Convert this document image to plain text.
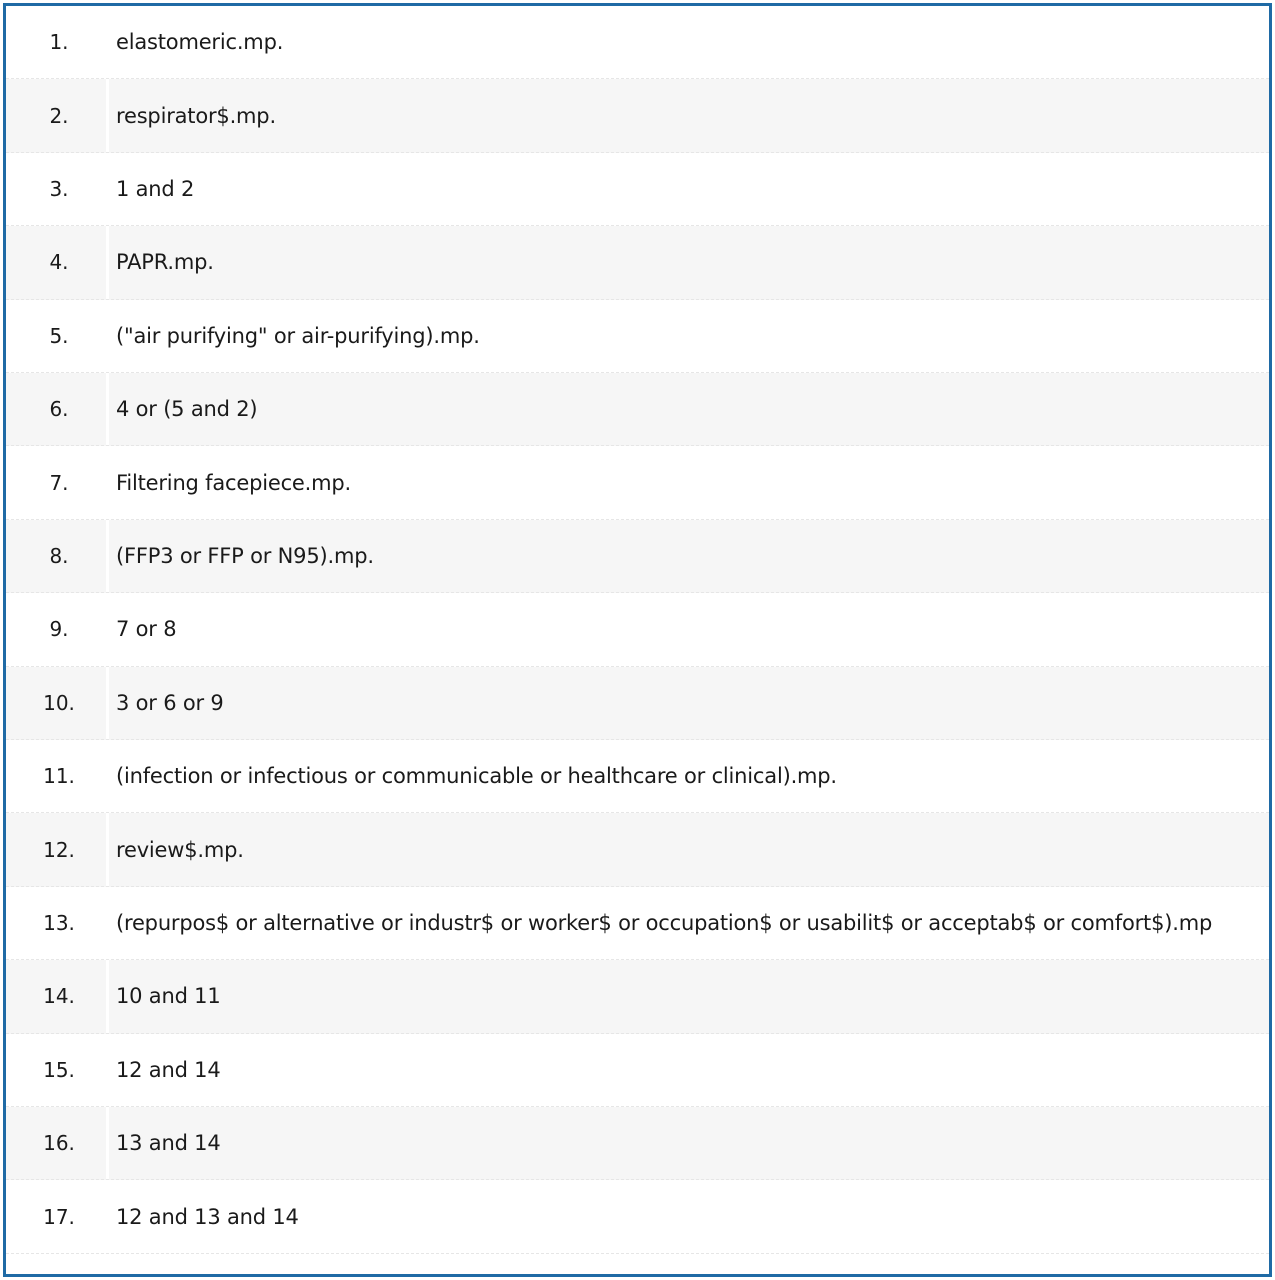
1.	elastomeric.mp.
2.	respirator$.mp.
3.	1 and 2
4.	PAPR.mp.
5.	("air purifying" or air-purifying).mp.
6.	4 or (5 and 2)
7.	Filtering facepiece.mp.
8.	(FFP3 or FFP or N95).mp.
9.	7 or 8
10.	3 or 6 or 9
11.	(infection or infectious or communicable or healthcare or clinical).mp.
12.	review$.mp.
13.	(repurpos$ or alternative or industr$ or worker$ or occupation$ or usabilit$ or acceptab$ or comfort$).mp
14.	10 and 11
15.	12 and 14
16.	13 and 14
17.	12 and 13 and 14
